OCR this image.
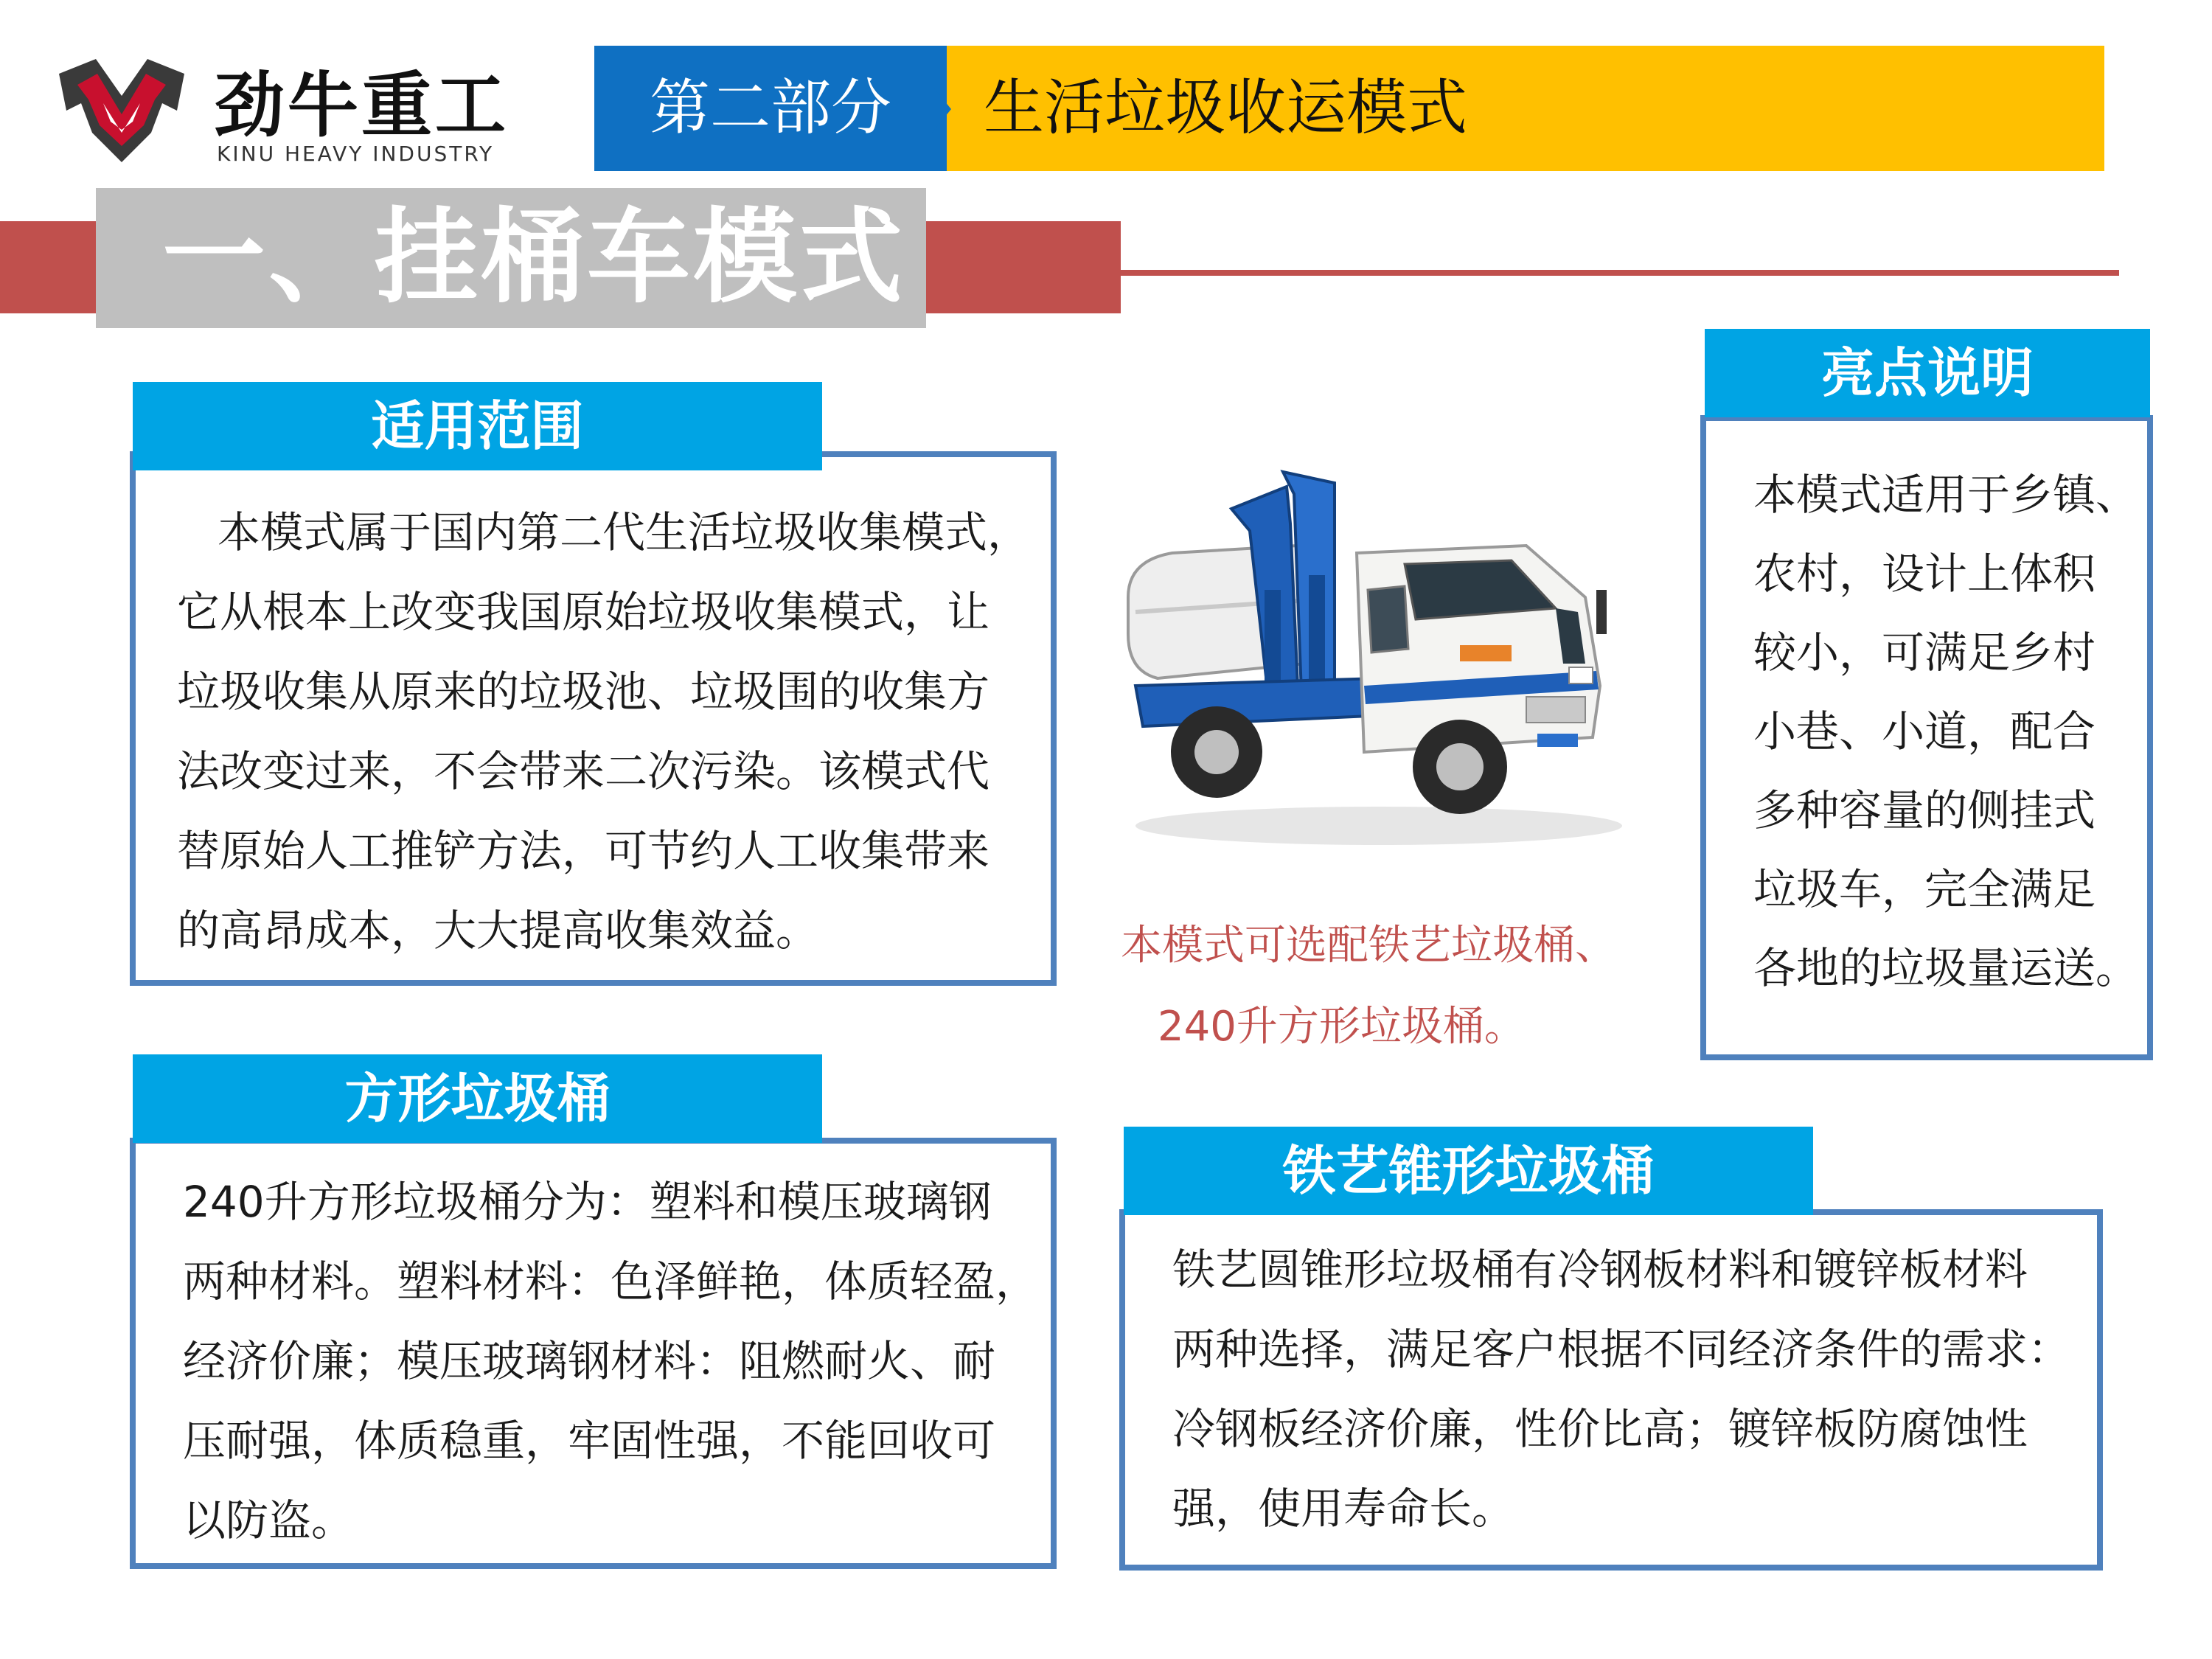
劲牛重工
KINU HEAVY INDUSTRY
第二部分	生活垃圾收运模式
一、挂桶车模式
适用范围
本模式属于国内第二代生活垃圾收集模式，
它从根本上改变我国原始垃圾收集模式，让
垃圾收集从原来的垃圾池、垃圾围的收集方
法改变过来，不会带来二次污染。该模式代
替原始人工推铲方法，可节约人工收集带来
的高昂成本，大大提高收集效益。	本模式可选配铁艺垃圾桶、
240升方形垃圾桶。
亮点说明
本模式适用于乡镇、
农村，设计上体积
较小，可满足乡村
小巷、小道，配合
多种容量的侧挂式
垃圾车，完全满足
各地的垃圾量运送。
方形垃圾桶
240升方形垃圾桶分为：塑料和模压玻璃钢
两种材料。塑料材料：色泽鲜艳，体质轻盈，
经济价廉；模压玻璃钢材料：阻燃耐火、耐
压耐强，体质稳重，牢固性强，不能回收可
以防盗。
铁艺锥形垃圾桶
铁艺圆锥形垃圾桶有冷钢板材料和镀锌板材料
两种选择，满足客户根据不同经济条件的需求：
冷钢板经济价廉，性价比高；镀锌板防腐蚀性
强，使用寿命长。
